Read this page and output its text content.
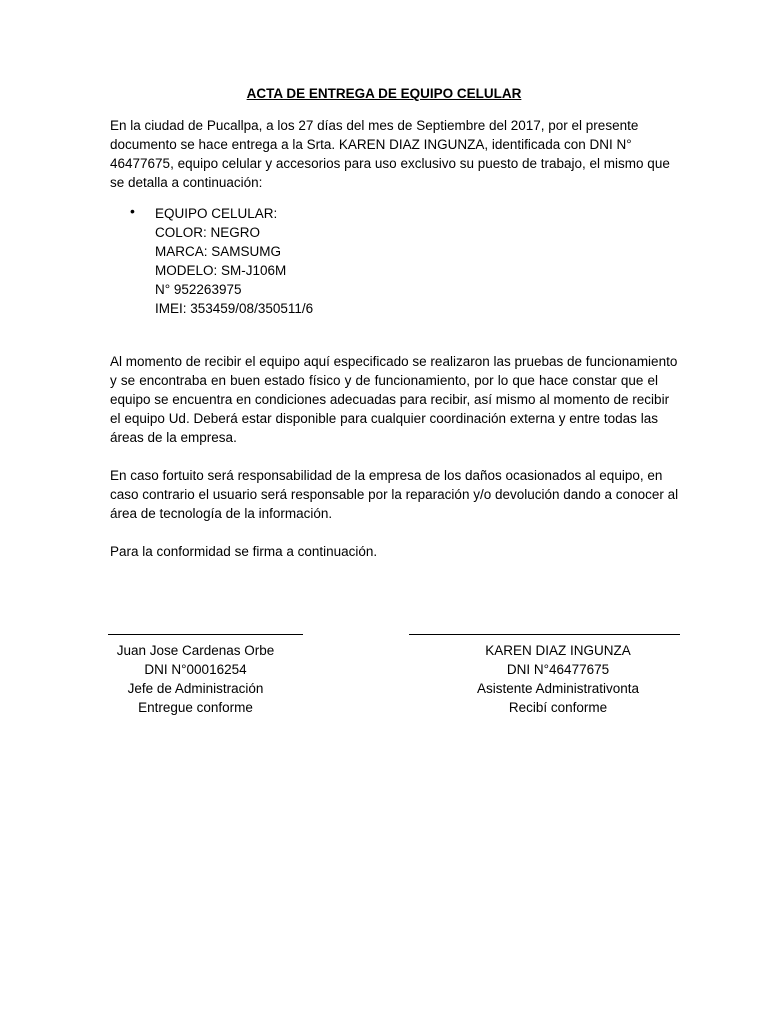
ACTA DE ENTREGA DE EQUIPO CELULAR
En la ciudad de Pucallpa, a los 27 días del mes de Septiembre del 2017, por el presente
documento se hace entrega a la Srta. KAREN DIAZ INGUNZA, identificada con DNI N°
46477675, equipo celular y accesorios para uso exclusivo su puesto de trabajo, el mismo que
se detalla a continuación:
• EQUIPO CELULAR:
COLOR: NEGRO
MARCA: SAMSUMG
MODELO: SM-J106M
N° 952263975
IMEI: 353459/08/350511/6
Al momento de recibir el equipo aquí especificado se realizaron las pruebas de funcionamiento
y se encontraba en buen estado físico y de funcionamiento, por lo que hace constar que el
equipo se encuentra en condiciones adecuadas para recibir, así mismo al momento de recibir
el equipo Ud. Deberá estar disponible para cualquier coordinación externa y entre todas las
áreas de la empresa.
En caso fortuito será responsabilidad de la empresa de los daños ocasionados al equipo, en
caso contrario el usuario será responsable por la reparación y/o devolución dando a conocer al
área de tecnología de la información.
Para la conformidad se firma a continuación.
Juan Jose Cardenas Orbe
DNI N°00016254
Jefe de Administración
Entregue conforme
KAREN DIAZ INGUNZA
DNI N°46477675
Asistente Administrativonta
Recibí conforme
